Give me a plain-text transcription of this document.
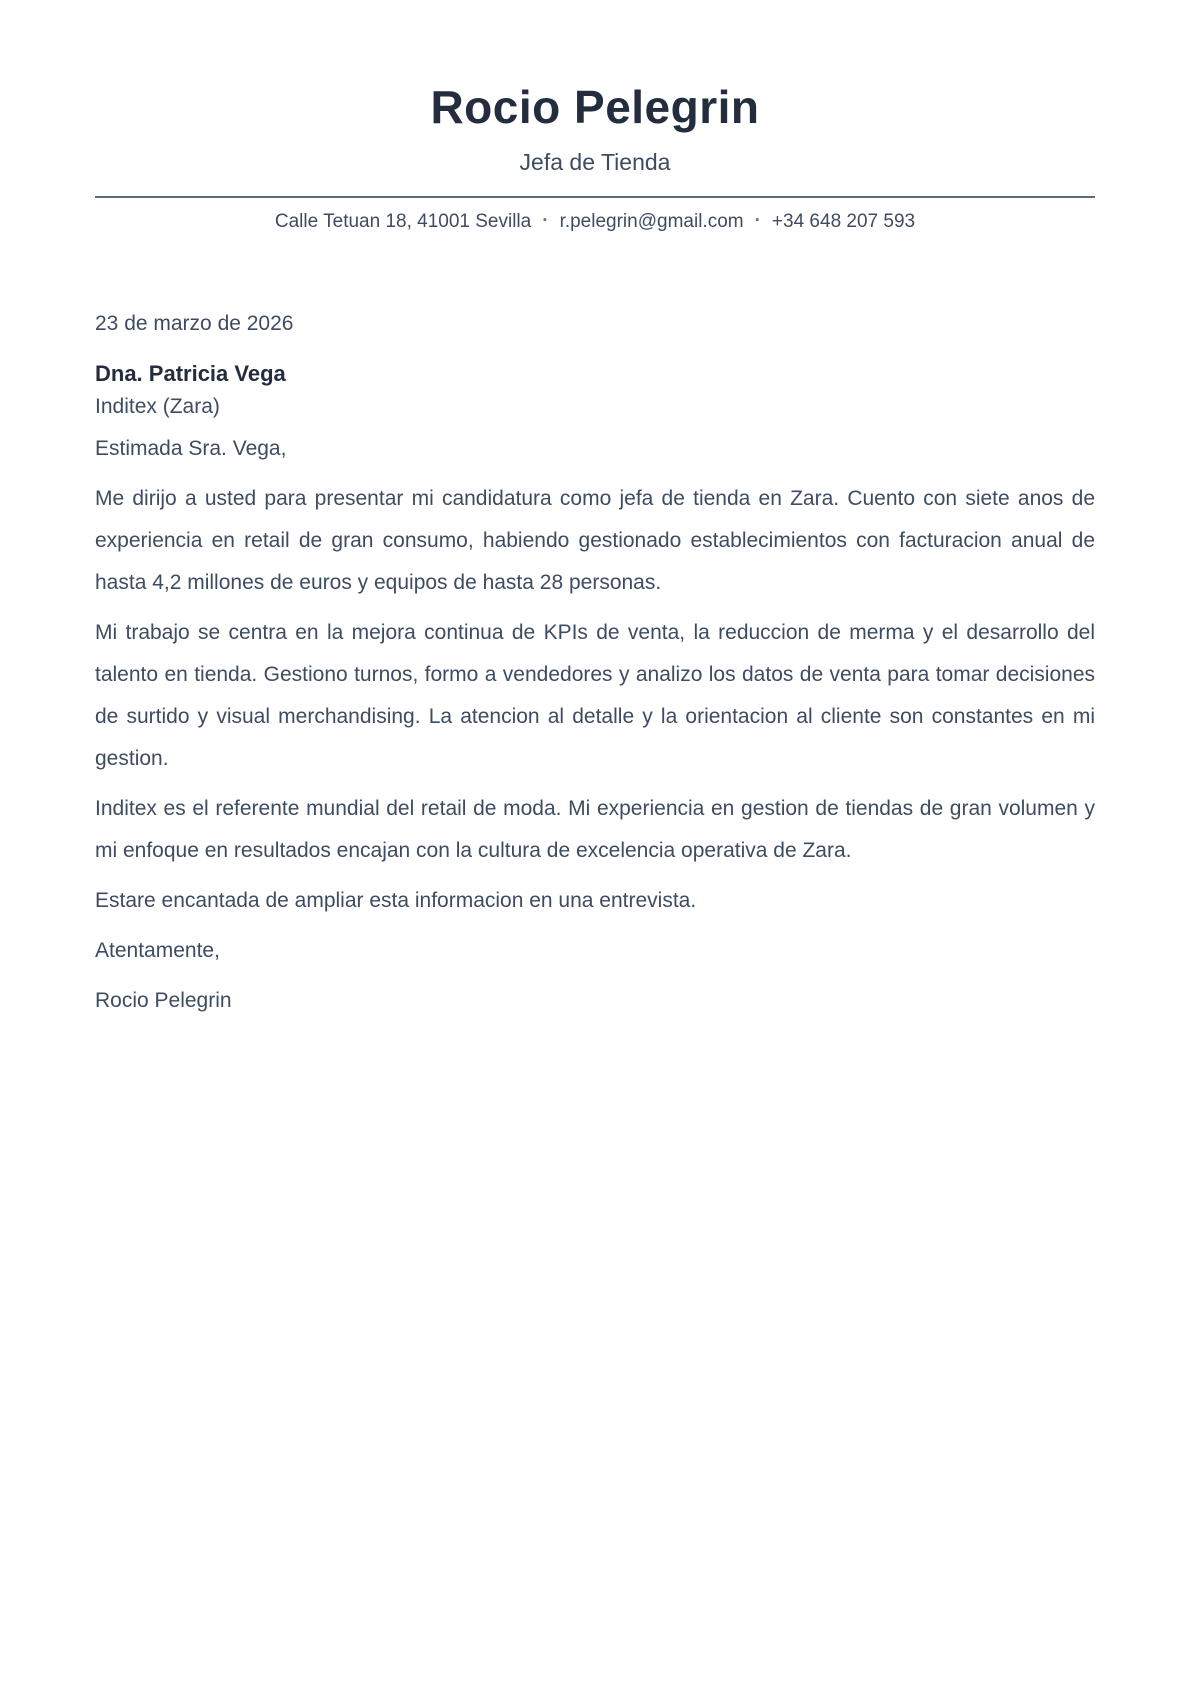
Rocio Pelegrin
Jefa de Tienda
Calle Tetuan 18, 41001 Sevilla · r.pelegrin@gmail.com · +34 648 207 593

23 de marzo de 2026

Dna. Patricia Vega

Inditex (Zara)

Estimada Sra. Vega,

Me dirijo a usted para presentar mi candidatura como jefa de tienda en Zara. Cuento con siete anos de experiencia en retail de gran consumo, habiendo gestionado establecimientos con facturacion anual de hasta 4,2 millones de euros y equipos de hasta 28 personas.

Mi trabajo se centra en la mejora continua de KPIs de venta, la reduccion de merma y el desarrollo del talento en tienda. Gestiono turnos, formo a vendedores y analizo los datos de venta para tomar decisiones de surtido y visual merchandising. La atencion al detalle y la orientacion al cliente son constantes en mi gestion.

Inditex es el referente mundial del retail de moda. Mi experiencia en gestion de tiendas de gran volumen y mi enfoque en resultados encajan con la cultura de excelencia operativa de Zara.

Estare encantada de ampliar esta informacion en una entrevista.

Atentamente,

Rocio Pelegrin
